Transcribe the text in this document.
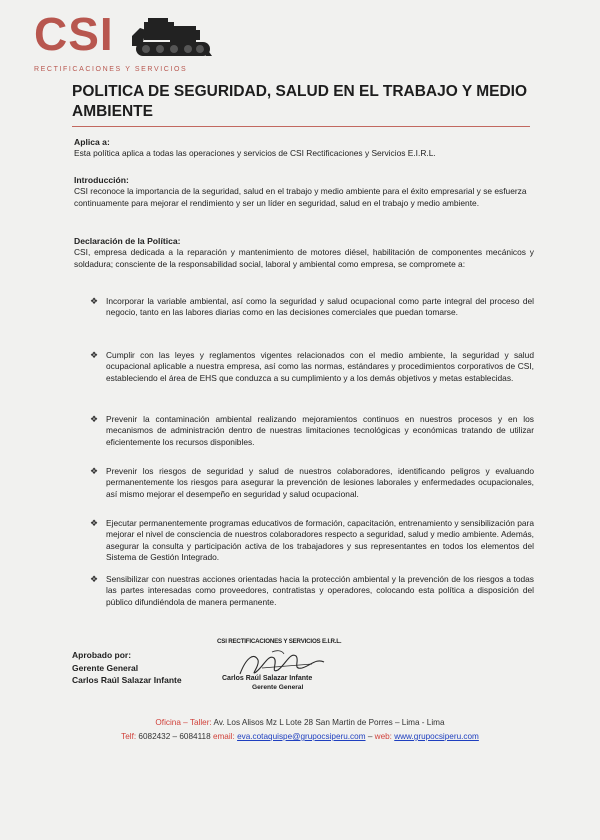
CSI
RECTIFICACIONES Y SERVICIOS
POLITICA DE SEGURIDAD, SALUD EN EL TRABAJO Y MEDIO AMBIENTE

Aplica a:

Esta política aplica a todas las operaciones y servicios de CSI Rectificaciones y Servicios E.I.R.L.

Introducción:

CSI reconoce la importancia de la seguridad, salud en el trabajo y medio ambiente para el éxito empresarial y se esfuerza continuamente para mejorar el rendimiento y ser un líder en seguridad, salud en el trabajo y medio ambiente.

Declaración de la Política:

CSI, empresa dedicada a la reparación y mantenimiento de motores diésel, habilitación de componentes mecánicos y soldadura; consciente de la responsabilidad social, laboral y ambiental como empresa, se compromete a:

❖ Incorporar la variable ambiental, así como la seguridad y salud ocupacional como parte integral del proceso del negocio, tanto en las labores diarias como en las decisiones comerciales que puedan tomarse.
❖ Cumplir con las leyes y reglamentos vigentes relacionados con el medio ambiente, la seguridad y salud ocupacional aplicable a nuestra empresa, así como las normas, estándares y procedimientos corporativos de CSI, estableciendo el área de EHS que conduzca a su cumplimiento y a los demás objetivos y metas establecidas.
❖ Prevenir la contaminación ambiental realizando mejoramientos continuos en nuestros procesos y en los mecanismos de administración dentro de nuestras limitaciones tecnológicas y económicas tratando de utilizar eficientemente los recursos disponibles.
❖ Prevenir los riesgos de seguridad y salud de nuestros colaboradores, identificando peligros y evaluando permanentemente los riesgos para asegurar la prevención de lesiones laborales y enfermedades ocupacionales, así mismo mejorar el desempeño en seguridad y salud ocupacional.
❖ Ejecutar permanentemente programas educativos de formación, capacitación, entrenamiento y sensibilización para mejorar el nivel de consciencia de nuestros colaboradores respecto a seguridad, salud y medio ambiente. Además, asegurar la consulta y participación activa de los trabajadores y sus representantes en todos los elementos del Sistema de Gestión Integrado.
❖ Sensibilizar con nuestras acciones orientadas hacia la protección ambiental y la prevención de los riesgos a todas las partes interesadas como proveedores, contratistas y operadores, colocando esta política a disposición del público difundiéndola de manera permanente.
Aprobado por:
Gerente General
Carlos Raúl Salazar Infante
CSI RECTIFICACIONES Y SERVICIOS E.I.R.L.
Carlos Raúl Salazar Infante
Gerente General
Oficina – Taller: Av. Los Alisos Mz L Lote 28 San Martin de Porres – Lima - Lima
Telf: 6082432 – 6084118 email: eva.cotaquispe@grupocsiperu.com – web: www.grupocsiperu.com
